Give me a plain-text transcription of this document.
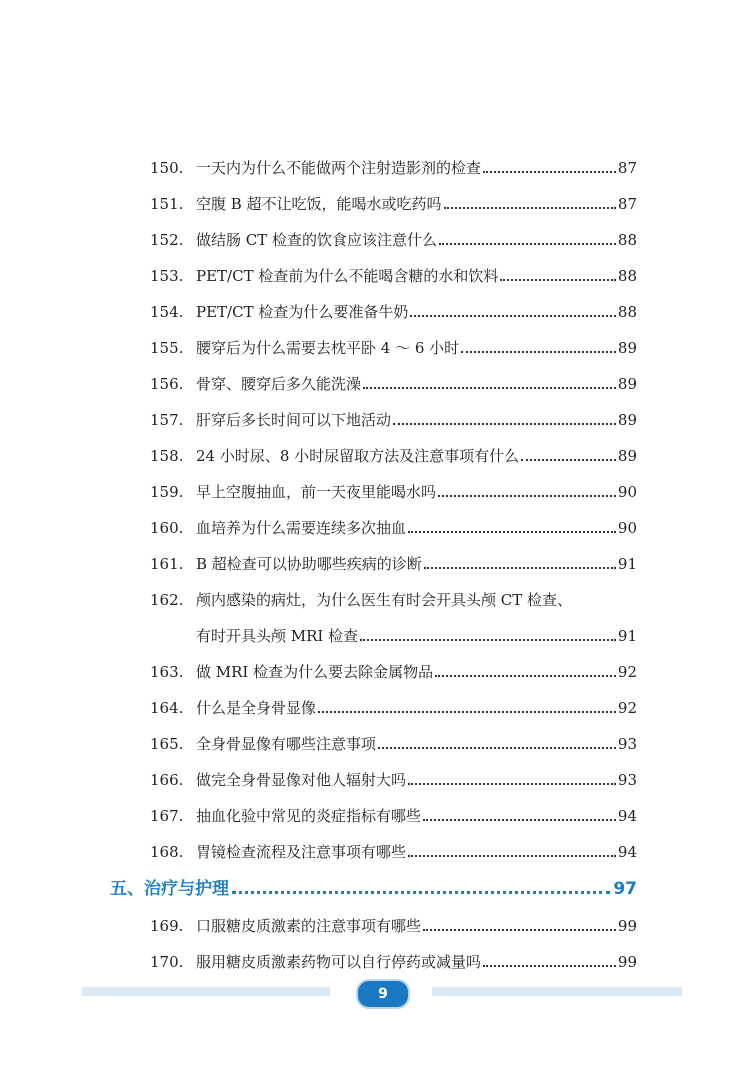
150. 一天内为什么不能做两个注射造影剂的检查	87
151. 空腹 B 超不让吃饭，能喝水或吃药吗	87
152. 做结肠 CT 检查的饮食应该注意什么	88
153. PET/CT 检查前为什么不能喝含糖的水和饮料	88
154. PET/CT 检查为什么要准备牛奶	88
155. 腰穿后为什么需要去枕平卧 4 ～ 6 小时	89
156. 骨穿、腰穿后多久能洗澡	89
157. 肝穿后多长时间可以下地活动	89
158. 24 小时尿、8 小时尿留取方法及注意事项有什么	89
159. 早上空腹抽血，前一天夜里能喝水吗	90
160. 血培养为什么需要连续多次抽血	90
161. B 超检查可以协助哪些疾病的诊断	91
162. 颅内感染的病灶，为什么医生有时会开具头颅 CT 检查、
有时开具头颅 MRI 检查	91
163. 做 MRI 检查为什么要去除金属物品	92
164. 什么是全身骨显像	92
165. 全身骨显像有哪些注意事项	93
166. 做完全身骨显像对他人辐射大吗	93
167. 抽血化验中常见的炎症指标有哪些	94
168. 胃镜检查流程及注意事项有哪些	94
五、治疗与护理	97
169. 口服糖皮质激素的注意事项有哪些	99
170. 服用糖皮质激素药物可以自行停药或减量吗	99
9
